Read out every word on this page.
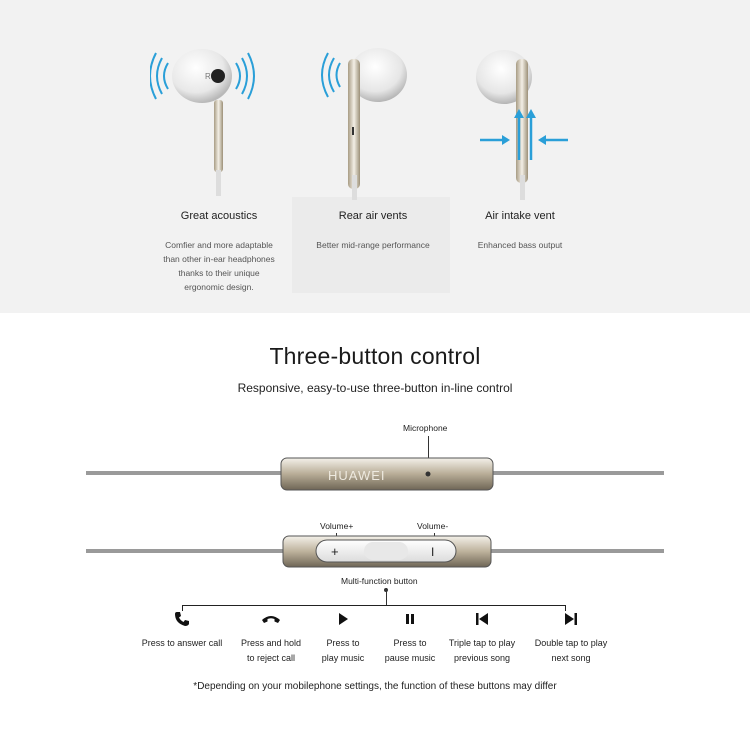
R
Great acoustics
Comfier and more adaptable
than other in-ear headphones
thanks to their unique
ergonomic design.
Rear air vents
Better mid-range performance
Air intake vent
Enhanced bass output
Three-button control
Responsive, easy-to-use three-button in-line control
Microphone
HUAWEI
Volume+	Volume-
+	I
Multi-function button
Press to answer call	Press and hold
to reject call
Press to
play music
Press to
pause music
Triple tap to play
previous song
Double tap to play
next song
*Depending on your mobilephone settings, the function of these buttons may differ
